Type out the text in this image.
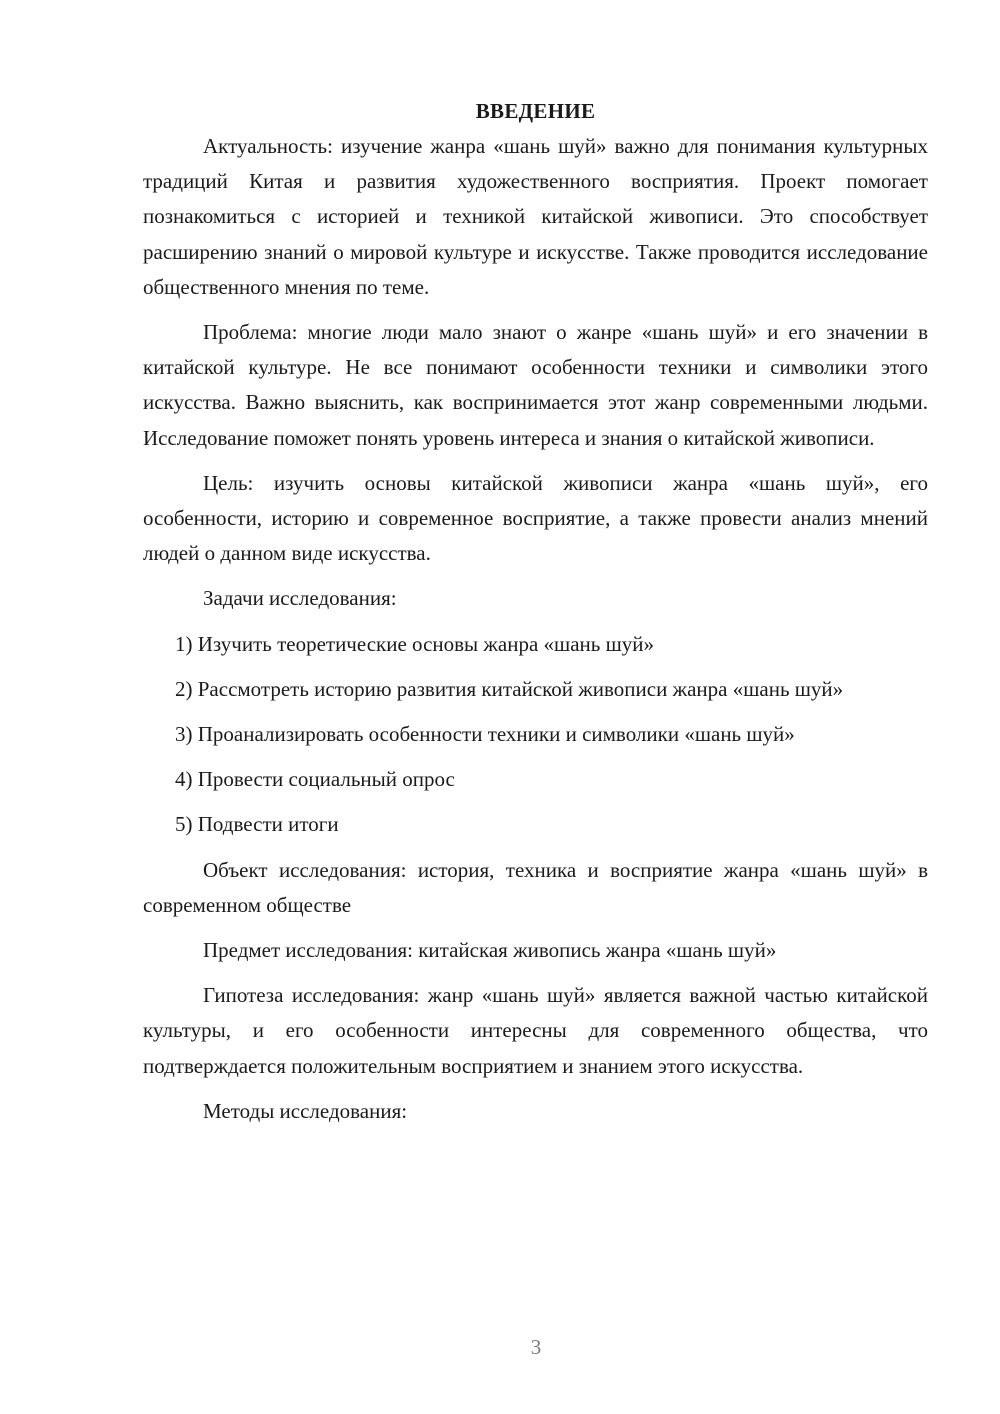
ВВЕДЕНИЕ

Актуальность: изучение жанра «шань шуй» важно для понимания культурных традиций Китая и развития художественного восприятия. Проект помогает познакомиться с историей и техникой китайской живописи. Это способствует расширению знаний о мировой культуре и искусстве. Также проводится исследование общественного мнения по теме.

Проблема: многие люди мало знают о жанре «шань шуй» и его значении в китайской культуре. Не все понимают особенности техники и символики этого искусства. Важно выяснить, как воспринимается этот жанр современными людьми. Исследование поможет понять уровень интереса и знания о китайской живописи.

Цель: изучить основы китайской живописи жанра «шань шуй», его особенности, историю и современное восприятие, а также провести анализ мнений людей о данном виде искусства.

Задачи исследования:

1) Изучить теоретические основы жанра «шань шуй»

2) Рассмотреть историю развития китайской живописи жанра «шань шуй»

3) Проанализировать особенности техники и символики «шань шуй»

4) Провести социальный опрос

5) Подвести итоги

Объект исследования: история, техника и восприятие жанра «шань шуй» в современном обществе

Предмет исследования: китайская живопись жанра «шань шуй»

Гипотеза исследования: жанр «шань шуй» является важной частью китайской культуры, и его особенности интересны для современного общества, что подтверждается положительным восприятием и знанием этого искусства.

Методы исследования:

3
